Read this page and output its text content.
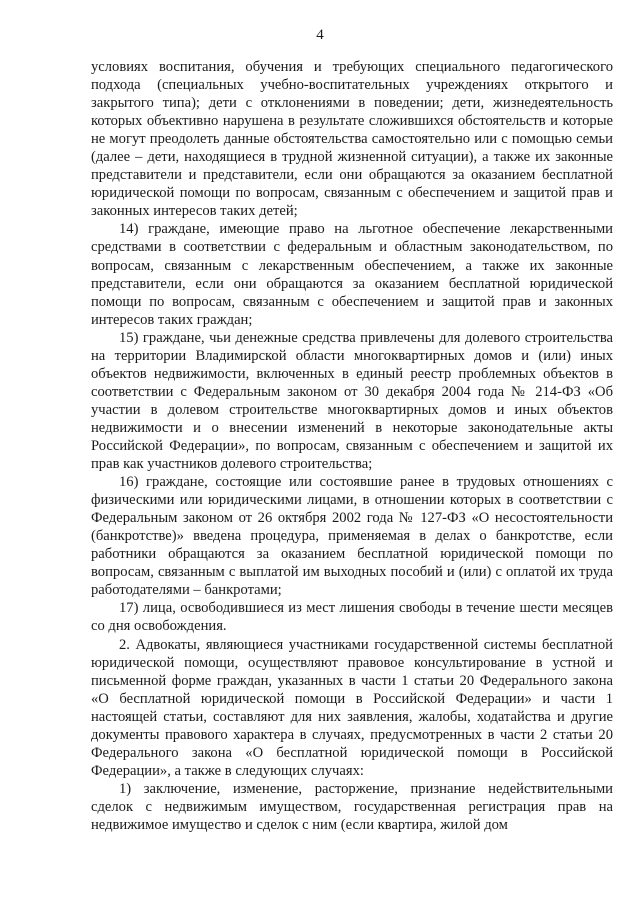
4

условиях воспитания, обучения и требующих специального педагогического подхода (специальных учебно-воспитательных учреждениях открытого и закрытого типа); дети с отклонениями в поведении; дети, жизнедеятельность которых объективно нарушена в результате сложившихся обстоятельств и которые не могут преодолеть данные обстоятельства самостоятельно или с помощью семьи (далее – дети, находящиеся в трудной жизненной ситуации), а также их законные представители и представители, если они обращаются за оказанием бесплатной юридической помощи по вопросам, связанным с обеспечением и защитой прав и законных интересов таких детей;

14) граждане, имеющие право на льготное обеспечение лекарственными средствами в соответствии с федеральным и областным законодательством, по вопросам, связанным с лекарственным обеспечением, а также их законные представители, если они обращаются за оказанием бесплатной юридической помощи по вопросам, связанным с обеспечением и защитой прав и законных интересов таких граждан;

15) граждане, чьи денежные средства привлечены для долевого строительства на территории Владимирской области многоквартирных домов и (или) иных объектов недвижимости, включенных в единый реестр проблемных объектов в соответствии с Федеральным законом от 30 декабря 2004 года № 214-ФЗ «Об участии в долевом строительстве многоквартирных домов и иных объектов недвижимости и о внесении изменений в некоторые законодательные акты Российской Федерации», по вопросам, связанным с обеспечением и защитой их прав как участников долевого строительства;

16) граждане, состоящие или состоявшие ранее в трудовых отношениях с физическими или юридическими лицами, в отношении которых в соответствии с Федеральным законом от 26 октября 2002 года № 127-ФЗ «О несостоятельности (банкротстве)» введена процедура, применяемая в делах о банкротстве, если работники обращаются за оказанием бесплатной юридической помощи по вопросам, связанным с выплатой им выходных пособий и (или) с оплатой их труда работодателями – банкротами;

17) лица, освободившиеся из мест лишения свободы в течение шести месяцев со дня освобождения.

2. Адвокаты, являющиеся участниками государственной системы бесплатной юридической помощи, осуществляют правовое консультирование в устной и письменной форме граждан, указанных в части 1 статьи 20 Федерального закона «О бесплатной юридической помощи в Российской Федерации» и части 1 настоящей статьи, составляют для них заявления, жалобы, ходатайства и другие документы правового характера в случаях, предусмотренных в части 2 статьи 20 Федерального закона «О бесплатной юридической помощи в Российской Федерации», а также в следующих случаях:

1) заключение, изменение, расторжение, признание недействительными сделок с недвижимым имуществом, государственная регистрация прав на недвижимое имущество и сделок с ним (если квартира, жилой дом
